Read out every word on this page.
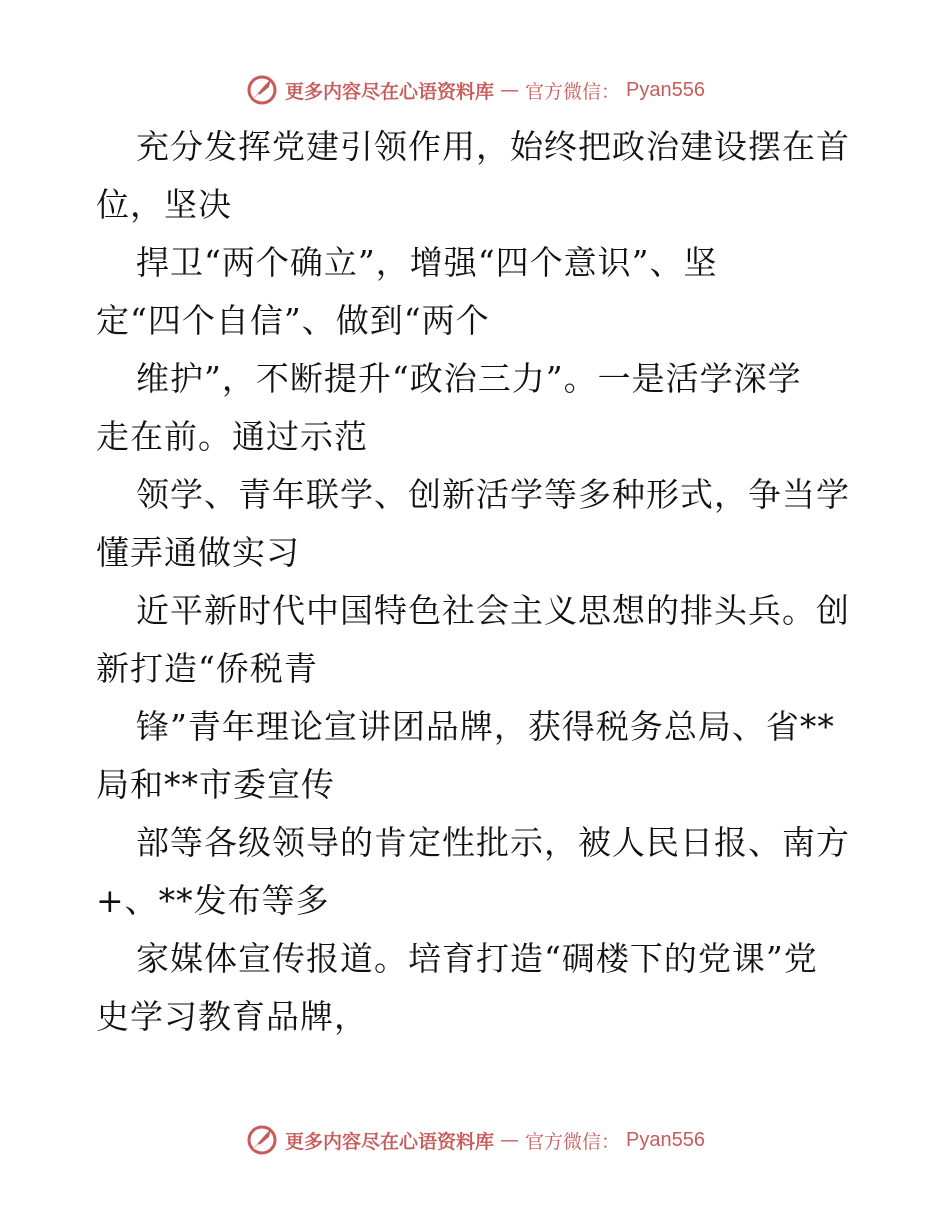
更多内容尽在心语资料库 — 官方微信： Pyan556
充分发挥党建引领作用，始终把政治建设摆在首
位，坚决
捍卫“两个确立”，增强“四个意识”、坚
定“四个自信”、做到“两个
维护”，不断提升“政治三力”。一是活学深学
走在前。通过示范
领学、青年联学、创新活学等多种形式，争当学
懂弄通做实习
近平新时代中国特色社会主义思想的排头兵。创
新打造“侨税青
锋”青年理论宣讲团品牌，获得税务总局、省**
局和**市委宣传
部等各级领导的肯定性批示，被人民日报、南方
+、**发布等多
家媒体宣传报道。培育打造“碉楼下的党课”党
史学习教育品牌，
更多内容尽在心语资料库 — 官方微信： Pyan556
